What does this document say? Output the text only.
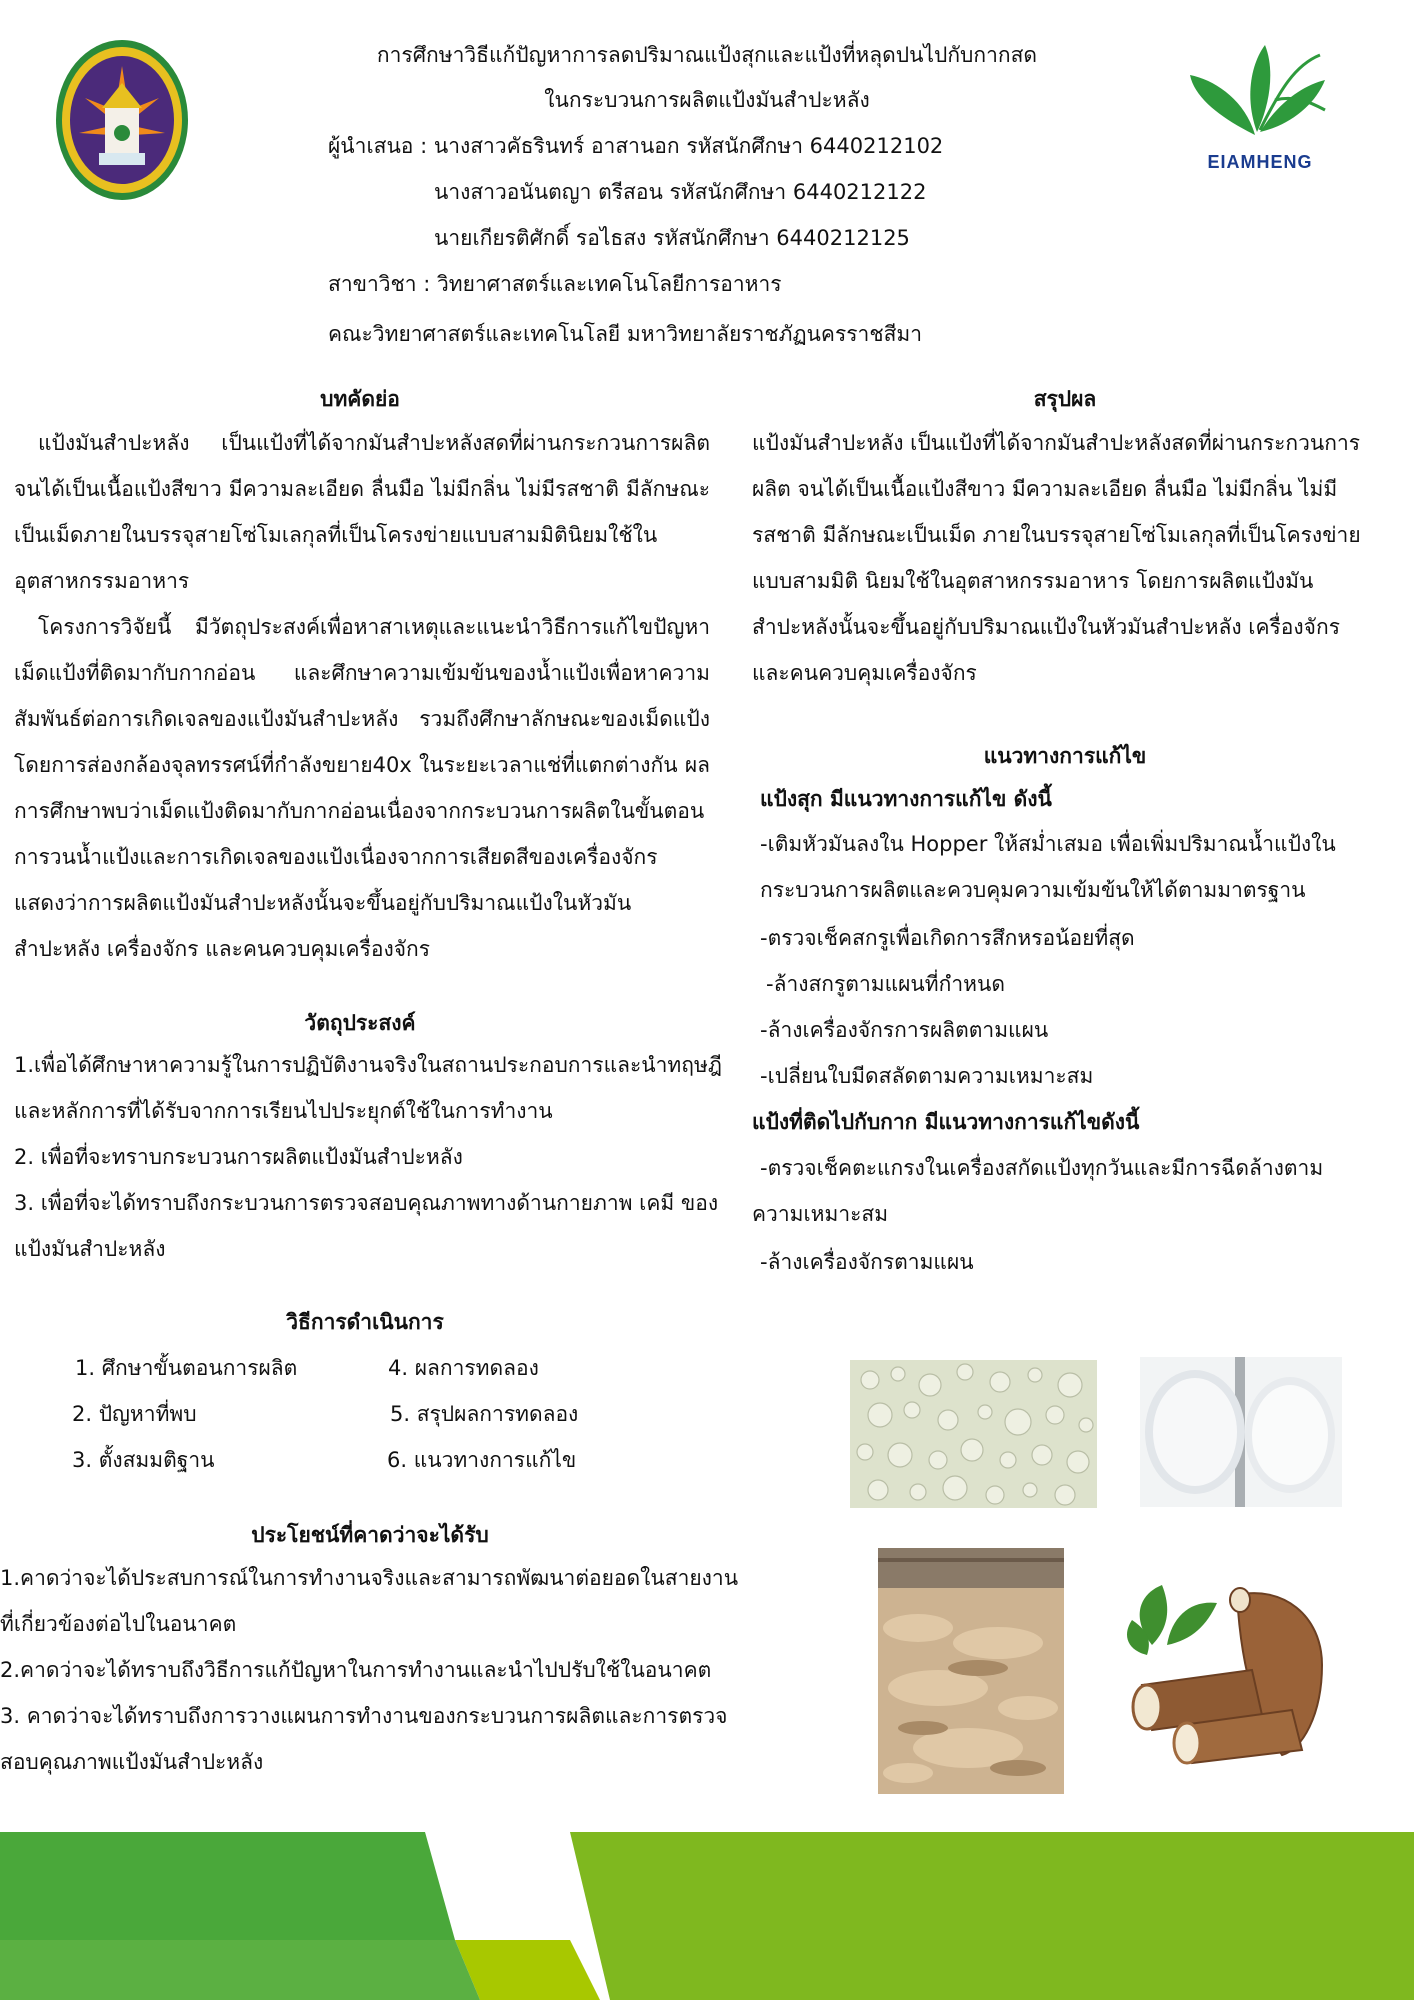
EIAMHENG
การศึกษาวิธีแก้ปัญหาการลดปริมาณแป้งสุกและแป้งที่หลุดปนไปกับกากสด
ในกระบวนการผลิตแป้งมันสำปะหลัง
ผู้นำเสนอ : นางสาวคัธรินทร์ อาสานอก รหัสนักศึกษา 6440212102
นางสาวอนันตญา ตรีสอน รหัสนักศึกษา 6440212122
นายเกียรติศักดิ์ รอไธสง รหัสนักศึกษา 6440212125
สาขาวิชา : วิทยาศาสตร์และเทคโนโลยีการอาหาร
คณะวิทยาศาสตร์และเทคโนโลยี มหาวิทยาลัยราชภัฏนครราชสีมา
บทคัดย่อ

แป้งมันสำปะหลัง เป็นแป้งที่ได้จากมันสำปะหลังสดที่ผ่านกระกวนการผลิต จนได้เป็นเนื้อแป้งสีขาว มีความละเอียด ลื่นมือ ไม่มีกลิ่น ไม่มีรสชาติ มีลักษณะเป็นเม็ดภายในบรรจุสายโซ่โมเลกุลที่เป็นโครงข่ายแบบสามมิตินิยมใช้ในอุตสาหกรรมอาหาร

โครงการวิจัยนี้ มีวัตถุประสงค์เพื่อหาสาเหตุและแนะนำวิธีการแก้ไขปัญหาเม็ดแป้งที่ติดมากับกากอ่อน และศึกษาความเข้มข้นของน้ำแป้งเพื่อหาความสัมพันธ์ต่อการเกิดเจลของแป้งมันสำปะหลัง รวมถึงศึกษาลักษณะของเม็ดแป้ง โดยการส่องกล้องจุลทรรศน์ที่กำลังขยาย40x ในระยะเวลาแช่ที่แตกต่างกัน ผลการศึกษาพบว่าเม็ดแป้งติดมากับกากอ่อนเนื่องจากกระบวนการผลิตในขั้นตอนการวนน้ำแป้งและการเกิดเจลของแป้งเนื่องจากการเสียดสีของเครื่องจักร แสดงว่าการผลิตแป้งมันสำปะหลังนั้นจะขึ้นอยู่กับปริมาณแป้งในหัวมันสำปะหลัง เครื่องจักร และคนควบคุมเครื่องจักร

วัตถุประสงค์

1.เพื่อได้ศึกษาหาความรู้ในการปฏิบัติงานจริงในสถานประกอบการและนำทฤษฎีและหลักการที่ได้รับจากการเรียนไปประยุกต์ใช้ในการทำงาน

2. เพื่อที่จะทราบกระบวนการผลิตแป้งมันสำปะหลัง

3. เพื่อที่จะได้ทราบถึงกระบวนการตรวจสอบคุณภาพทางด้านกายภาพ เคมี ของแป้งมันสำปะหลัง

วิธีการดำเนินการ
1. ศึกษาขั้นตอนการผลิต
2. ปัญหาที่พบ
3. ตั้งสมมติฐาน
4. ผลการทดลอง
5. สรุปผลการทดลอง
6. แนวทางการแก้ไข
ประโยชน์ที่คาดว่าจะได้รับ

1.คาดว่าจะได้ประสบการณ์ในการทำงานจริงและสามารถพัฒนาต่อยอดในสายงานที่เกี่ยวข้องต่อไปในอนาคต

2.คาดว่าจะได้ทราบถึงวิธีการแก้ปัญหาในการทำงานและนำไปปรับใช้ในอนาคต

3. คาดว่าจะได้ทราบถึงการวางแผนการทำงานของกระบวนการผลิตและการตรวจสอบคุณภาพแป้งมันสำปะหลัง

สรุปผล
แป้งมันสำปะหลัง เป็นแป้งที่ได้จากมันสำปะหลังสดที่ผ่านกระกวนการผลิต จนได้เป็นเนื้อแป้งสีขาว มีความละเอียด ลื่นมือ ไม่มีกลิ่น ไม่มีรสชาติ มีลักษณะเป็นเม็ด ภายในบรรจุสายโซ่โมเลกุลที่เป็นโครงข่ายแบบสามมิติ นิยมใช้ในอุตสาหกรรมอาหาร โดยการผลิตแป้งมันสำปะหลังนั้นจะขึ้นอยู่กับปริมาณแป้งในหัวมันสำปะหลัง เครื่องจักร และคนควบคุมเครื่องจักร
แนวทางการแก้ไข
แป้งสุก มีแนวทางการแก้ไข ดังนี้

-เติมหัวมันลงใน Hopper ให้สม่ำเสมอ เพื่อเพิ่มปริมาณน้ำแป้งในกระบวนการผลิตและควบคุมความเข้มข้นให้ได้ตามมาตรฐาน

-ตรวจเช็คสกรูเพื่อเกิดการสึกหรอน้อยที่สุด
-ล้างสกรูตามแผนที่กำหนด
-ล้างเครื่องจักรการผลิตตามแผน
-เปลี่ยนใบมีดสลัดตามความเหมาะสม
แป้งที่ติดไปกับกาก มีแนวทางการแก้ไขดังนี้

-ตรวจเช็คตะแกรงในเครื่องสกัดแป้งทุกวันและมีการฉีดล้างตามความเหมาะสม

-ล้างเครื่องจักรตามแผน
